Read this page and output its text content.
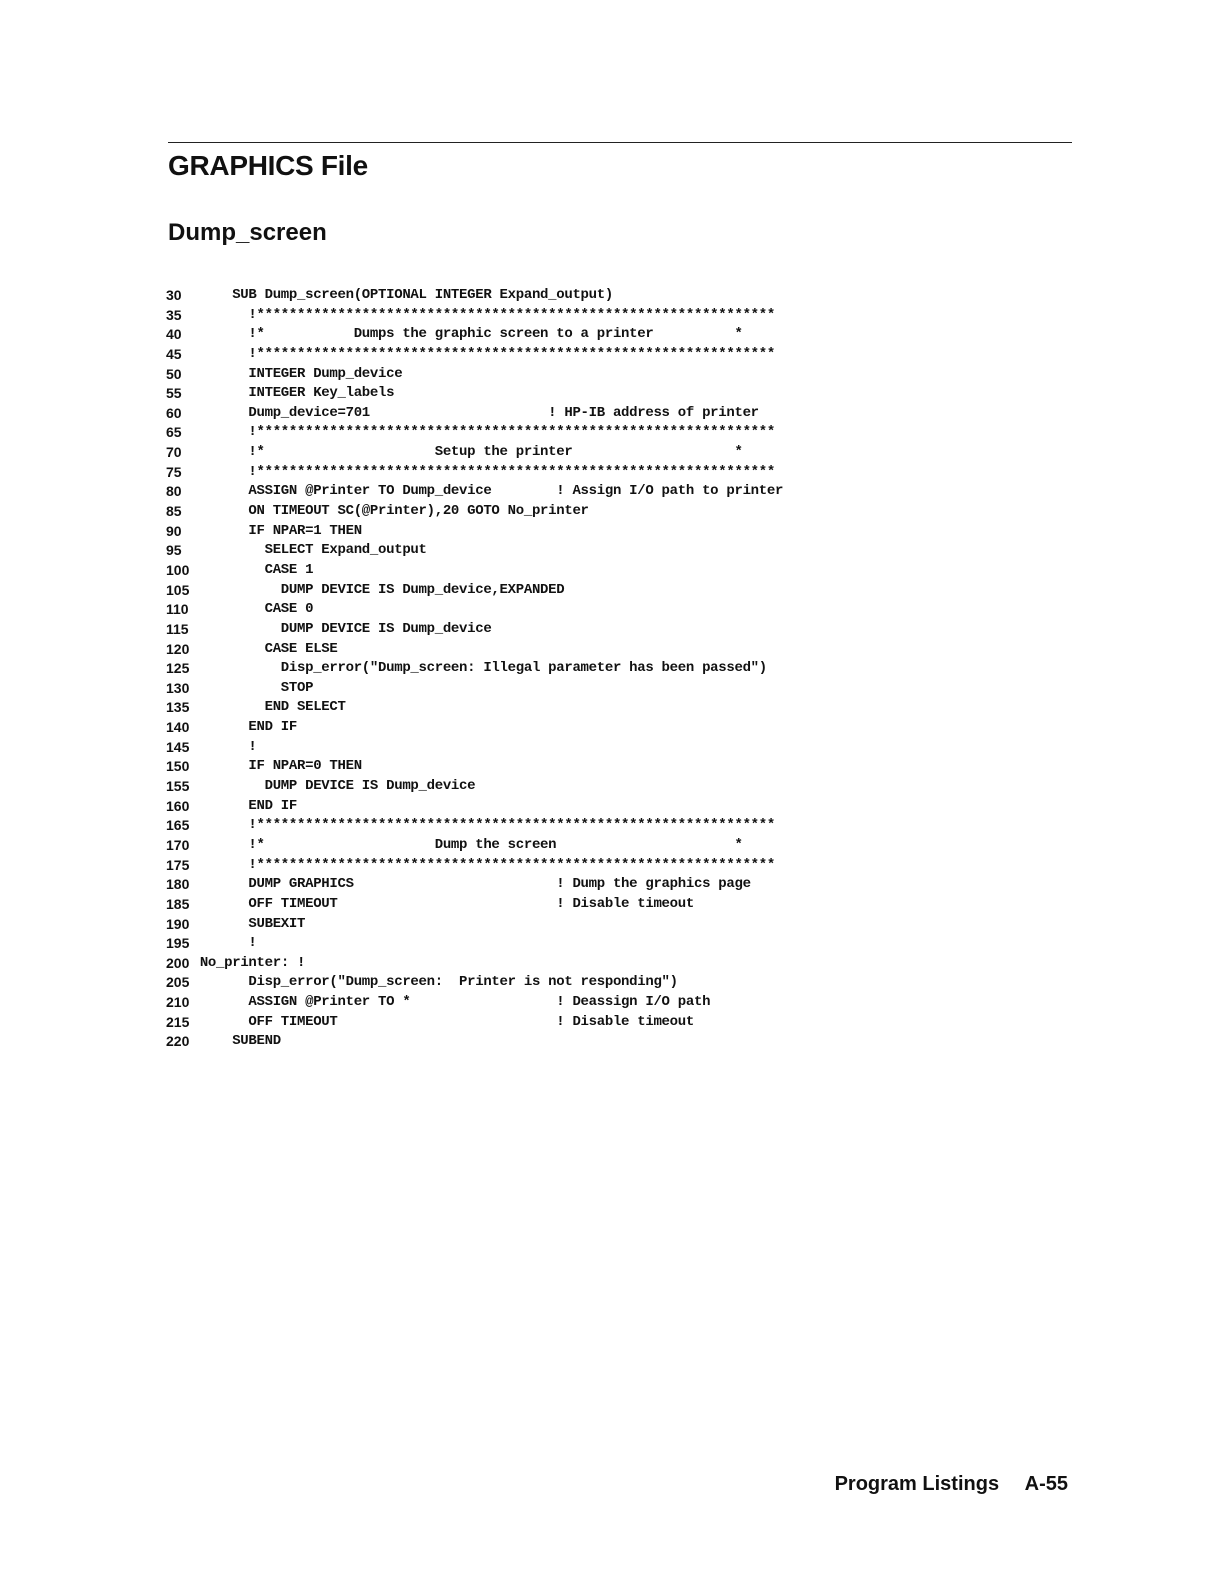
GRAPHICS File
Dump_screen
30	SUB Dump_screen(OPTIONAL INTEGER Expand_output)
35	!****************************************************************
40	!*           Dumps the graphic screen to a printer          *
45	!****************************************************************
50	INTEGER Dump_device
55	INTEGER Key_labels
60	Dump_device=701                      ! HP-IB address of printer
65	!****************************************************************
70	!*                     Setup the printer                    *
75	!****************************************************************
80	ASSIGN @Printer TO Dump_device        ! Assign I/O path to printer
85	ON TIMEOUT SC(@Printer),20 GOTO No_printer
90	IF NPAR=1 THEN
95	SELECT Expand_output
100	CASE 1
105	DUMP DEVICE IS Dump_device,EXPANDED
110	CASE 0
115	DUMP DEVICE IS Dump_device
120	CASE ELSE
125	Disp_error("Dump_screen: Illegal parameter has been passed")
130	STOP
135	END SELECT
140	END IF
145	!
150	IF NPAR=0 THEN
155	DUMP DEVICE IS Dump_device
160	END IF
165	!****************************************************************
170	!*                     Dump the screen                      *
175	!****************************************************************
180	DUMP GRAPHICS                         ! Dump the graphics page
185	OFF TIMEOUT                           ! Disable timeout
190	SUBEXIT
195	!
200 No_printer: !
205	Disp_error("Dump_screen:  Printer is not responding")
210	ASSIGN @Printer TO *                  ! Deassign I/O path
215	OFF TIMEOUT                           ! Disable timeout
220	SUBEND
Program Listings A-55
